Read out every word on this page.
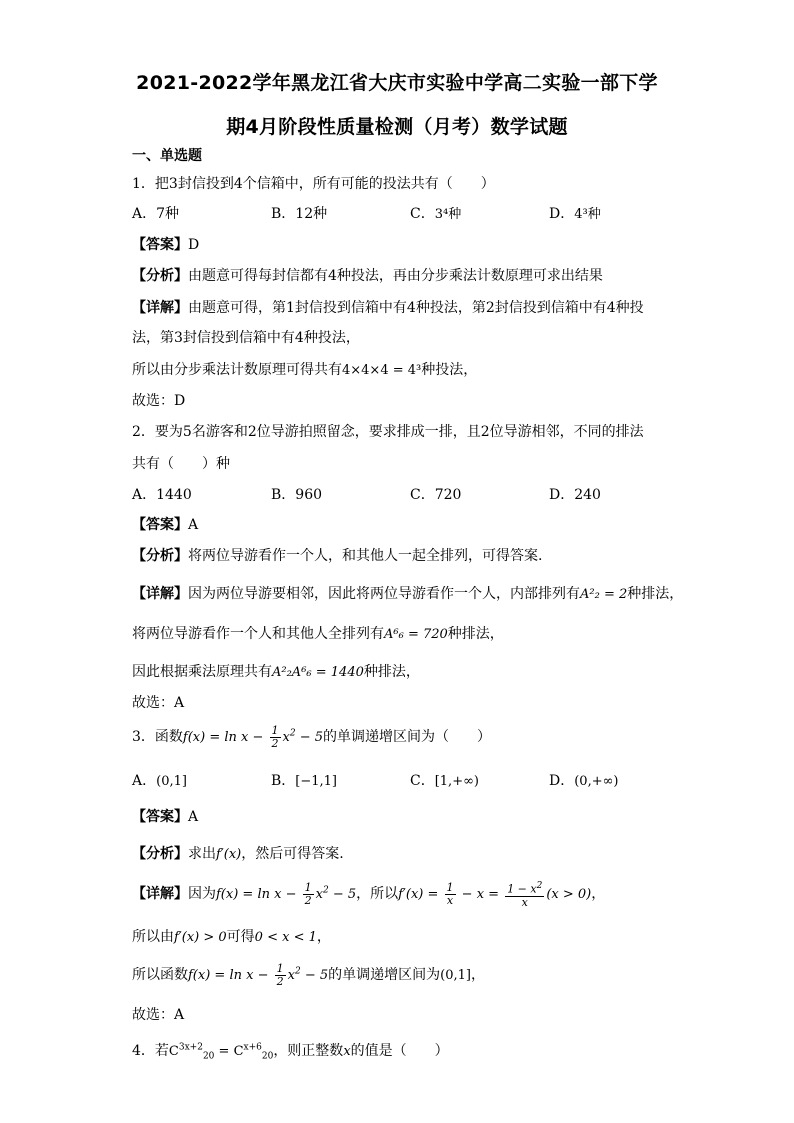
2021-2022学年黑龙江省大庆市实验中学高二实验一部下学
期4月阶段性质量检测（月考）数学试题
一、单选题
1．把3封信投到4个信箱中，所有可能的投法共有（　　）
A．7种	B．12种	C．3⁴种	D．4³种
【答案】D
【分析】由题意可得每封信都有4种投法，再由分步乘法计数原理可求出结果
【详解】由题意可得，第1封信投到信箱中有4种投法，第2封信投到信箱中有4种投
法，第3封信投到信箱中有4种投法，
所以由分步乘法计数原理可得共有4×4×4 = 4³种投法，
故选：D
2．要为5名游客和2位导游拍照留念，要求排成一排，且2位导游相邻，不同的排法
共有（　　）种
A．1440	B．960	C．720	D．240
【答案】A
【分析】将两位导游看作一个人，和其他人一起全排列，可得答案.
【详解】因为两位导游要相邻，因此将两位导游看作一个人，内部排列有A²₂ = 2种排法，
将两位导游看作一个人和其他人全排列有A⁶₆ = 720种排法，
因此根据乘法原理共有A²₂A⁶₆ = 1440种排法，
故选：A
3．函数$f(x) = \ln x - \frac{1}{2} x^2 - 5$的单调递增区间为（　　）
A．(0,1]	B．[−1,1]	C．[1,+∞)	D．(0,+∞)
【答案】A
【分析】求出f′(x)，然后可得答案.
【详解】因为$f(x) = \ln x - \frac{1}{2} x^2 - 5$，所以$f'(x) = \frac{1}{x} - x = \frac{1 - x^2}{x} (x > 0)$，
所以由f′(x) > 0可得0 < x < 1，
所以函数$f(x) = \ln x - \frac{1}{2} x^2 - 5$的单调递增区间为(0,1]，
故选：A
4．若$C^{3x+2}_{20} = C^{x+6}_{20}$，则正整数x的值是（　　）
